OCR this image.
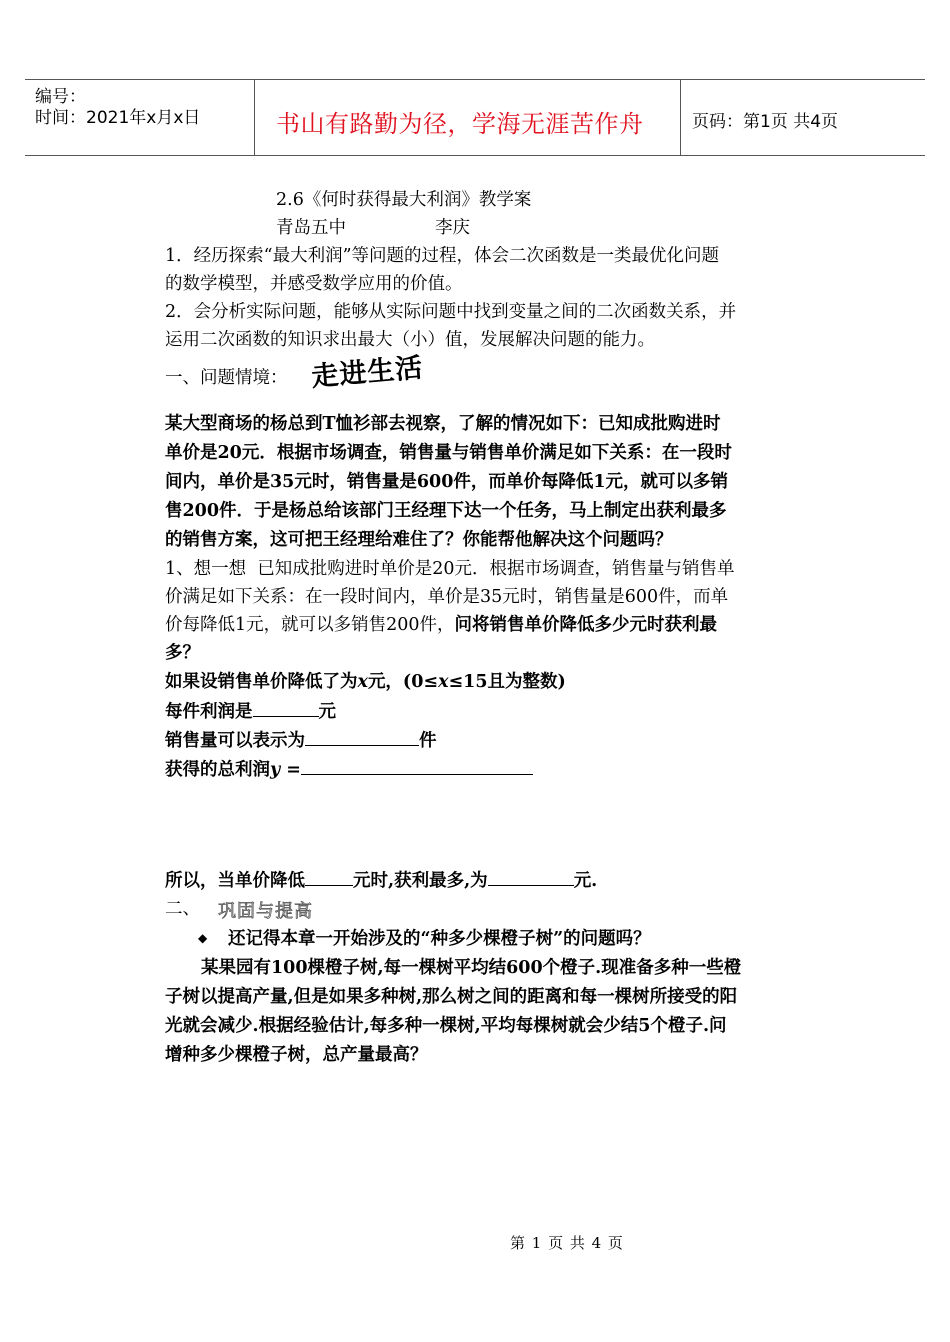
编号：
时间：2021年x月x日	书山有路勤为径，学海无涯苦作舟	页码：第1页 共4页
2.6《何时获得最大利润》教学案
青岛五中                李庆
1．经历探索“最大利润”等问题的过程，体会二次函数是一类最优化问题
的数学模型，并感受数学应用的价值。
2．会分析实际问题，能够从实际问题中找到变量之间的二次函数关系，并
运用二次函数的知识求出最大（小）值，发展解决问题的能力。
一、问题情境： 走进生活
某大型商场的杨总到T恤衫部去视察，了解的情况如下：已知成批购进时
单价是20元．根据市场调查，销售量与销售单价满足如下关系：在一段时
间内，单价是35元时，销售量是600件，而单价每降低1元，就可以多销
售200件．于是杨总给该部门王经理下达一个任务，马上制定出获利最多
的销售方案，这可把王经理给难住了？你能帮他解决这个问题吗？
1、想一想  已知成批购进时单价是20元．根据市场调查，销售量与销售单
价满足如下关系：在一段时间内，单价是35元时，销售量是600件，而单
价每降低1元，就可以多销售200件，问将销售单价降低多少元时获利最
多？
如果设销售单价降低了为x元，(0≤x≤15且为整数)
每件利润是	元
销售量可以表示为	件
获得的总利润y =
所以，当单价降低	元时,获利最多,为	元.
二、 巩固与提高
◆ 还记得本章一开始涉及的“种多少棵橙子树”的问题吗？
某果园有100棵橙子树,每一棵树平均结600个橙子.现准备多种一些橙
子树以提高产量,但是如果多种树,那么树之间的距离和每一棵树所接受的阳
光就会减少.根据经验估计,每多种一棵树,平均每棵树就会少结5个橙子.问
增种多少棵橙子树，总产量最高？
第 1 页 共 4 页
